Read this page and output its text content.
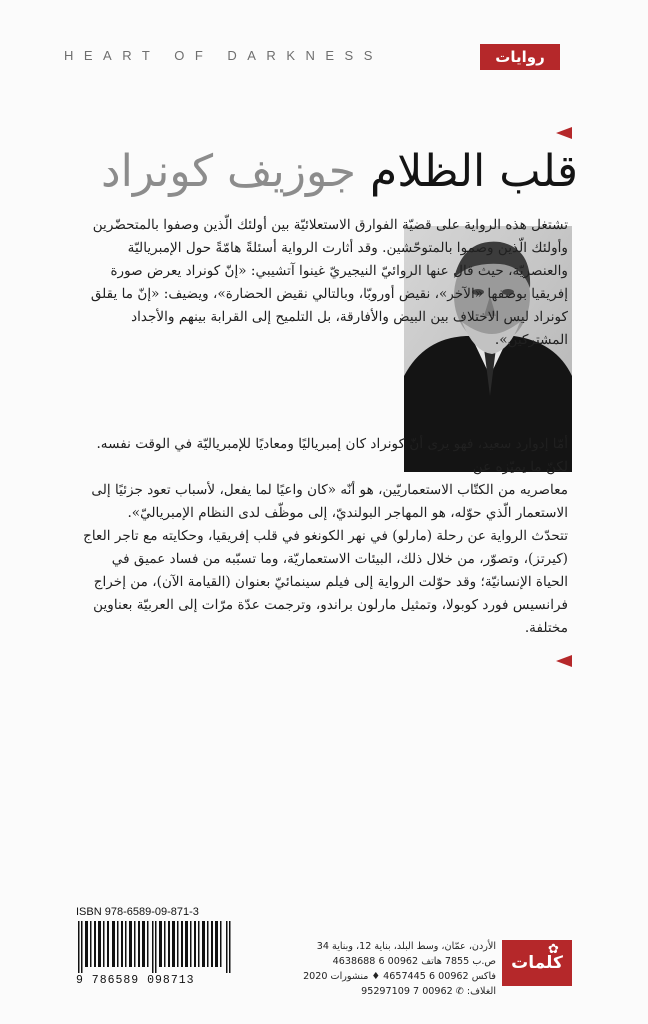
HEART OF DARKNESS	روايات
قلب الظلام جوزيف كونراد
تشتغل هذه الرواية على قضيّة الفوارق الاستعلائيّة بين أولئك الّذين وصفوا بالمتحضّرين وأولئك الّذين وصموا بالمتوحّشين. وقد أثارت الرواية أسئلةً هامّةً حول الإمبرياليّة والعنصريّة، حيث قال عنها الروائيّ النيجيريّ غينوا آتشيبي: «إنّ كونراد يعرض صورة إفريقيا بوصفها «الآخر»، نقيض أوروبّا، وبالتالي نقيض الحضارة»، ويضيف: «إنّ ما يقلق كونراد ليس الاختلاف بين البيض والأفارقة، بل التلميح إلى القرابة بينهم والأجداد المشتركين».
أمّا إدوارد سعيد، فهو يرى أنّ كونراد كان إمبرياليًا ومعاديًا للإمبرياليّة في الوقت نفسه. لكنّ ما يميّزه عن
معاصريه من الكتّاب الاستعماريّين، هو أنّه «كان واعيًا لما يفعل، لأسباب تعود جزئيًا إلى الاستعمار الّذي حوّله، هو المهاجر البولنديّ، إلى موظّف لدى النظام الإمبرياليّ».
تتحدّث الرواية عن رحلة (مارلو) في نهر الكونغو في قلب إفريقيا، وحكايته مع تاجر العاج (كيرتز)، وتصوّر، من خلال ذلك، البيئات الاستعماريّة، وما تسبّبه من فساد عميق في الحياة الإنسانيّة؛ وقد حوّلت الرواية إلى فيلم سينمائيّ بعنوان (القيامة الآن)، من إخراج فرانسيس فورد كوبولا، وتمثيل مارلون براندو، وترجمت عدّة مرّات إلى العربيّة بعناوين مختلفة.
ISBN 978-6589-09-871-3
9 786589 098713
الأردن، عمّان، وسط البلد، بناية 12، وبناية 34
ص.ب 7855 هاتف 00962 6 4638688
فاكس 00962 6 4657445 ♦ منشورات 2020
الغلاف: ✆ 00962 7 95297109
كلمات
✿
